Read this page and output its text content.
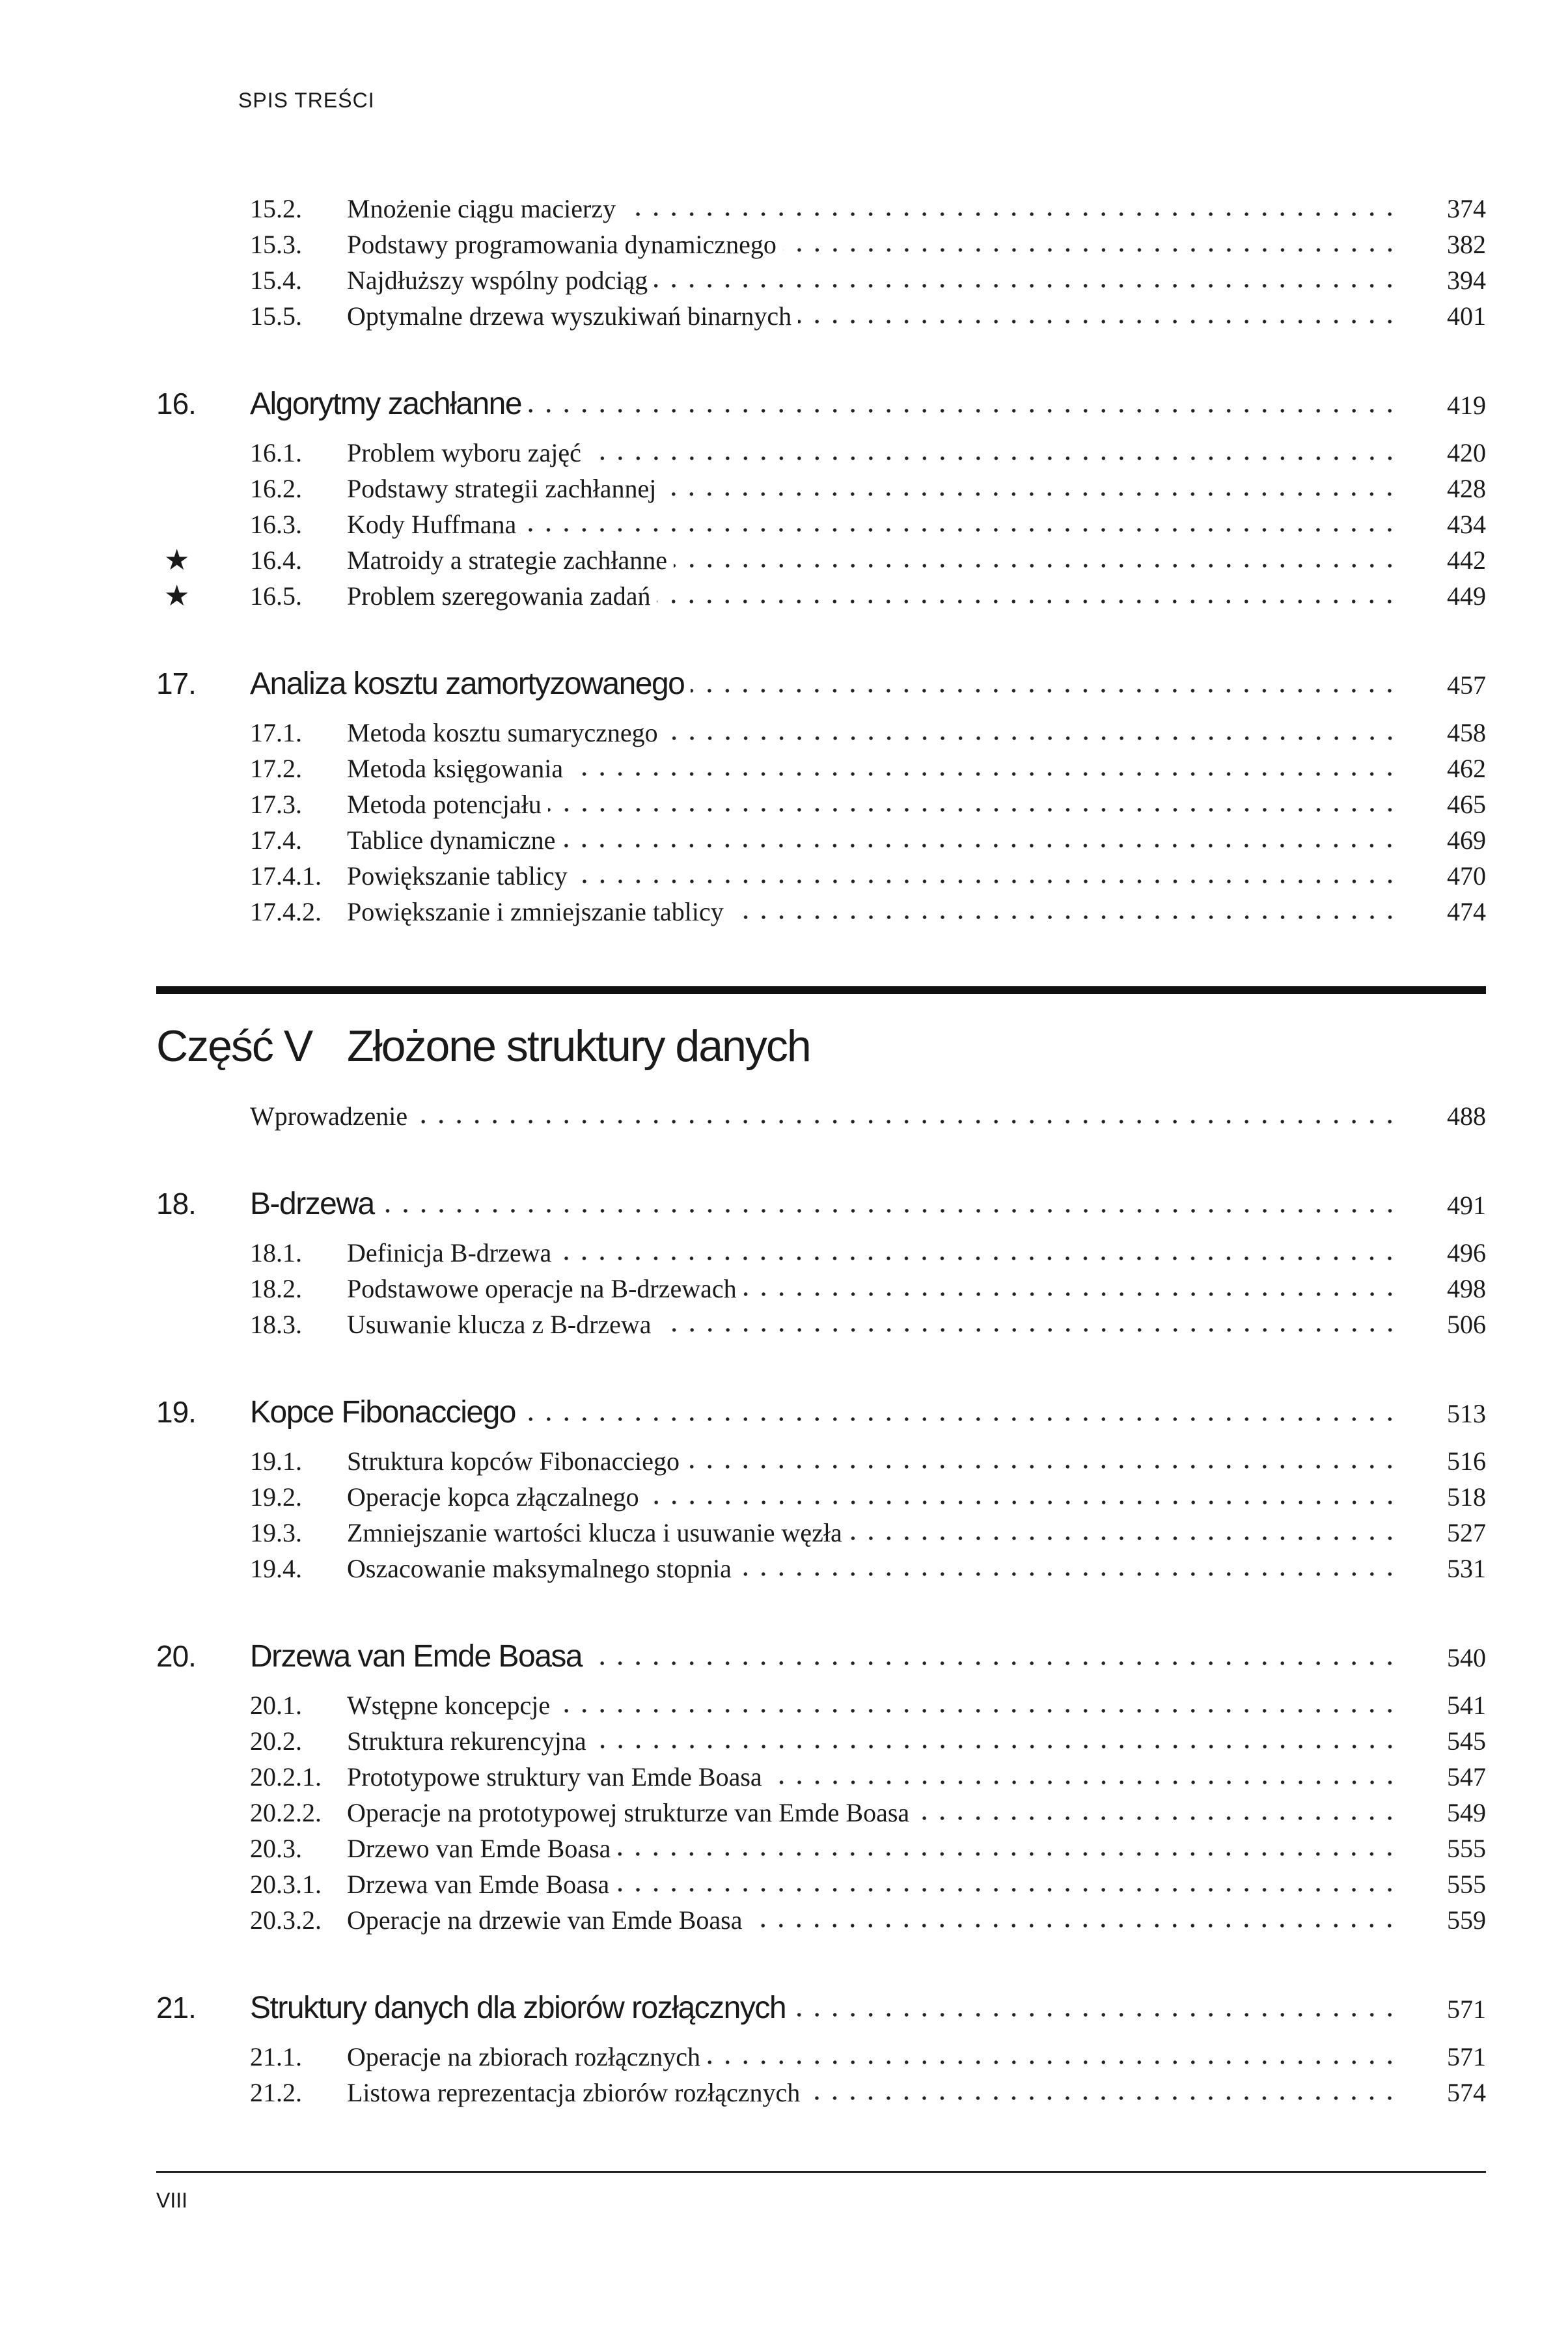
SPIS TREŚCI
15.2.	Mnożenie ciągu macierzy	374
15.3.	Podstawy programowania dynamicznego	382
15.4.	Najdłuższy wspólny podciąg	394
15.5.	Optymalne drzewa wyszukiwań binarnych	401
16.	Algorytmy zachłanne	419
16.1.	Problem wyboru zajęć	420
16.2.	Podstawy strategii zachłannej	428
16.3.	Kody Huffmana	434
★ 16.4.	Matroidy a strategie zachłanne	442
★ 16.5.	Problem szeregowania zadań	449
17.	Analiza kosztu zamortyzowanego	457
17.1.	Metoda kosztu sumarycznego	458
17.2.	Metoda księgowania	462
17.3.	Metoda potencjału	465
17.4.	Tablice dynamiczne	469
17.4.1. Powiększanie tablicy	470
17.4.2. Powiększanie i zmniejszanie tablicy	474
Część V Złożone struktury danych
Wprowadzenie	488
18.	B-drzewa	491
18.1.	Definicja B-drzewa	496
18.2.	Podstawowe operacje na B-drzewach	498
18.3.	Usuwanie klucza z B-drzewa	506
19.	Kopce Fibonacciego	513
19.1.	Struktura kopców Fibonacciego	516
19.2.	Operacje kopca złączalnego	518
19.3.	Zmniejszanie wartości klucza i usuwanie węzła	527
19.4.	Oszacowanie maksymalnego stopnia	531
20.	Drzewa van Emde Boasa	540
20.1.	Wstępne koncepcje	541
20.2.	Struktura rekurencyjna	545
20.2.1. Prototypowe struktury van Emde Boasa	547
20.2.2. Operacje na prototypowej strukturze van Emde Boasa	549
20.3.	Drzewo van Emde Boasa	555
20.3.1. Drzewa van Emde Boasa	555
20.3.2. Operacje na drzewie van Emde Boasa	559
21.	Struktury danych dla zbiorów rozłącznych	571
21.1.	Operacje na zbiorach rozłącznych	571
21.2.	Listowa reprezentacja zbiorów rozłącznych	574
VIII
